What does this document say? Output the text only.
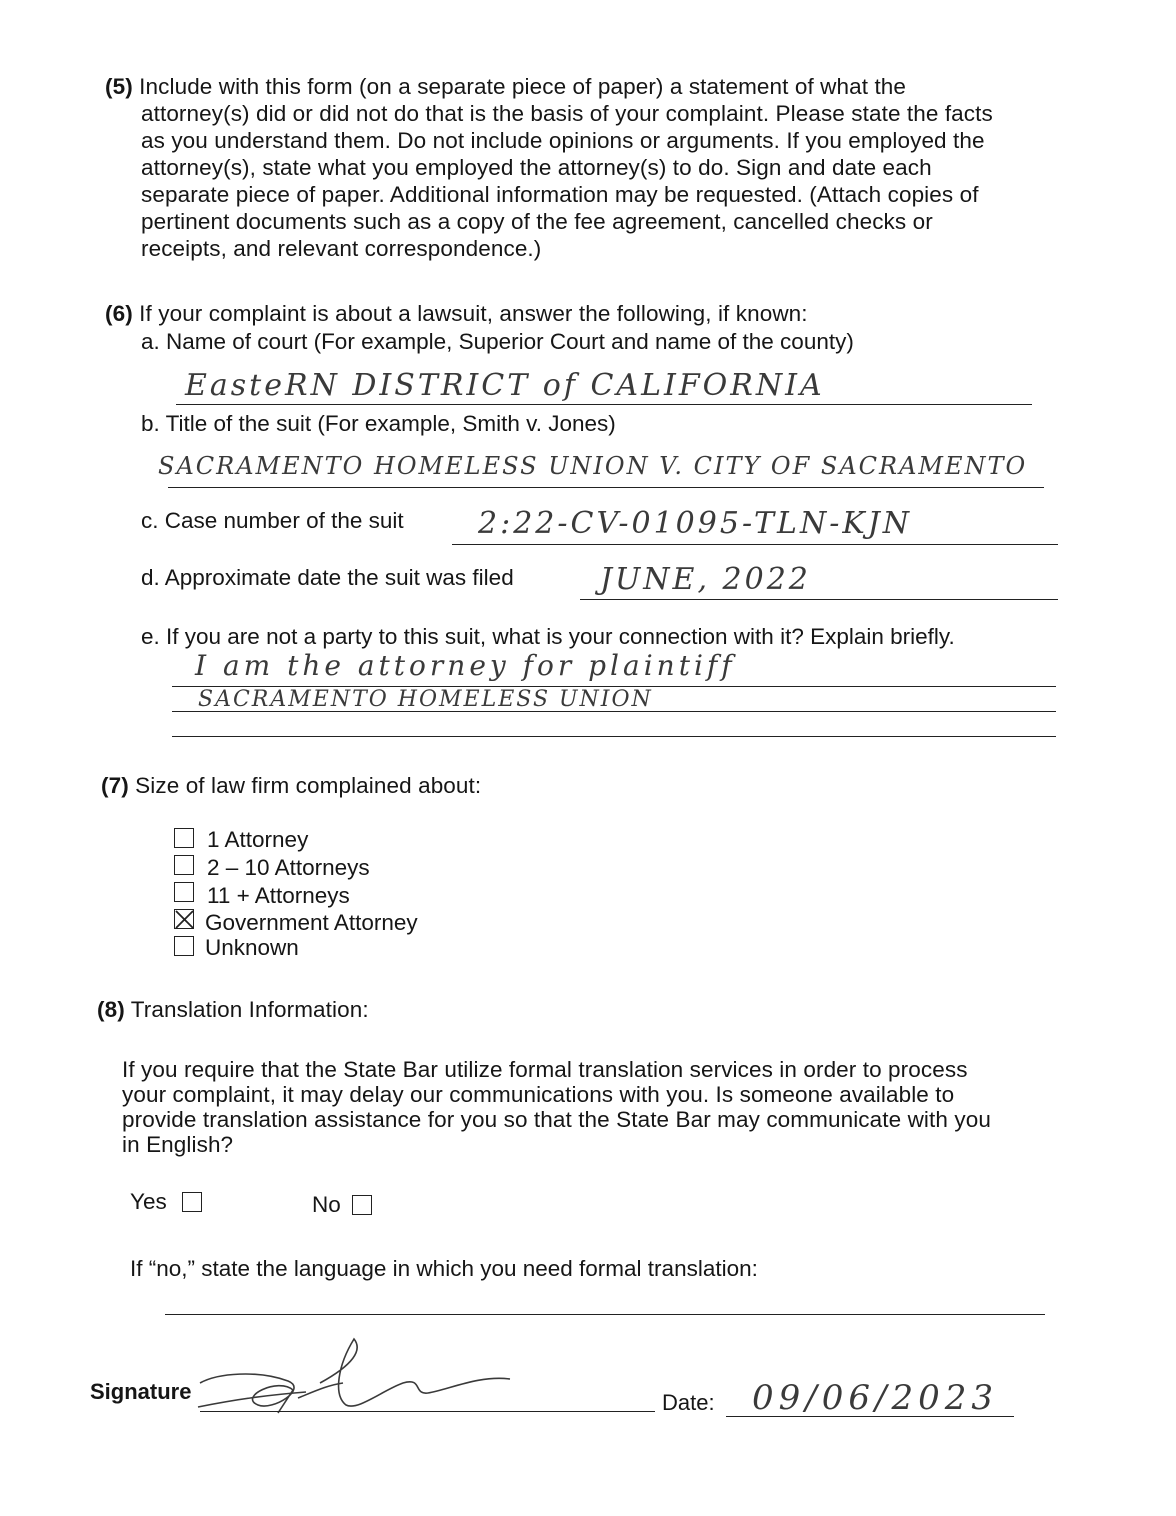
(5) Include with this form (on a separate piece of paper) a statement of what the
attorney(s) did or did not do that is the basis of your complaint. Please state the facts
as you understand them. Do not include opinions or arguments. If you employed the
attorney(s), state what you employed the attorney(s) to do. Sign and date each
separate piece of paper. Additional information may be requested. (Attach copies of
pertinent documents such as a copy of the fee agreement, cancelled checks or
receipts, and relevant correspondence.)
(6) If your complaint is about a lawsuit, answer the following, if known:
a. Name of court (For example, Superior Court and name of the county)
EasteRN DISTRICT of CALIFORNIA
b. Title of the suit (For example, Smith v. Jones)
SACRAMENTO HOMELESS UNION V. CITY OF SACRAMENTO
c. Case number of the suit 2:22-CV-01095-TLN-KJN
d. Approximate date the suit was filed	JUNE, 2022
e. If you are not a party to this suit, what is your connection with it? Explain briefly.
I am the attorney for plaintiff
SACRAMENTO HOMELESS UNION
(7) Size of law firm complained about:
1 Attorney
2 – 10 Attorneys
11 + Attorneys
Government Attorney
Unknown
(8) Translation Information:
If you require that the State Bar utilize formal translation services in order to process
your complaint, it may delay our communications with you. Is someone available to
provide translation assistance for you so that the State Bar may communicate with you
in English?
Yes	No
If “no,” state the language in which you need formal translation:
Signature	Date: 09/06/2023
